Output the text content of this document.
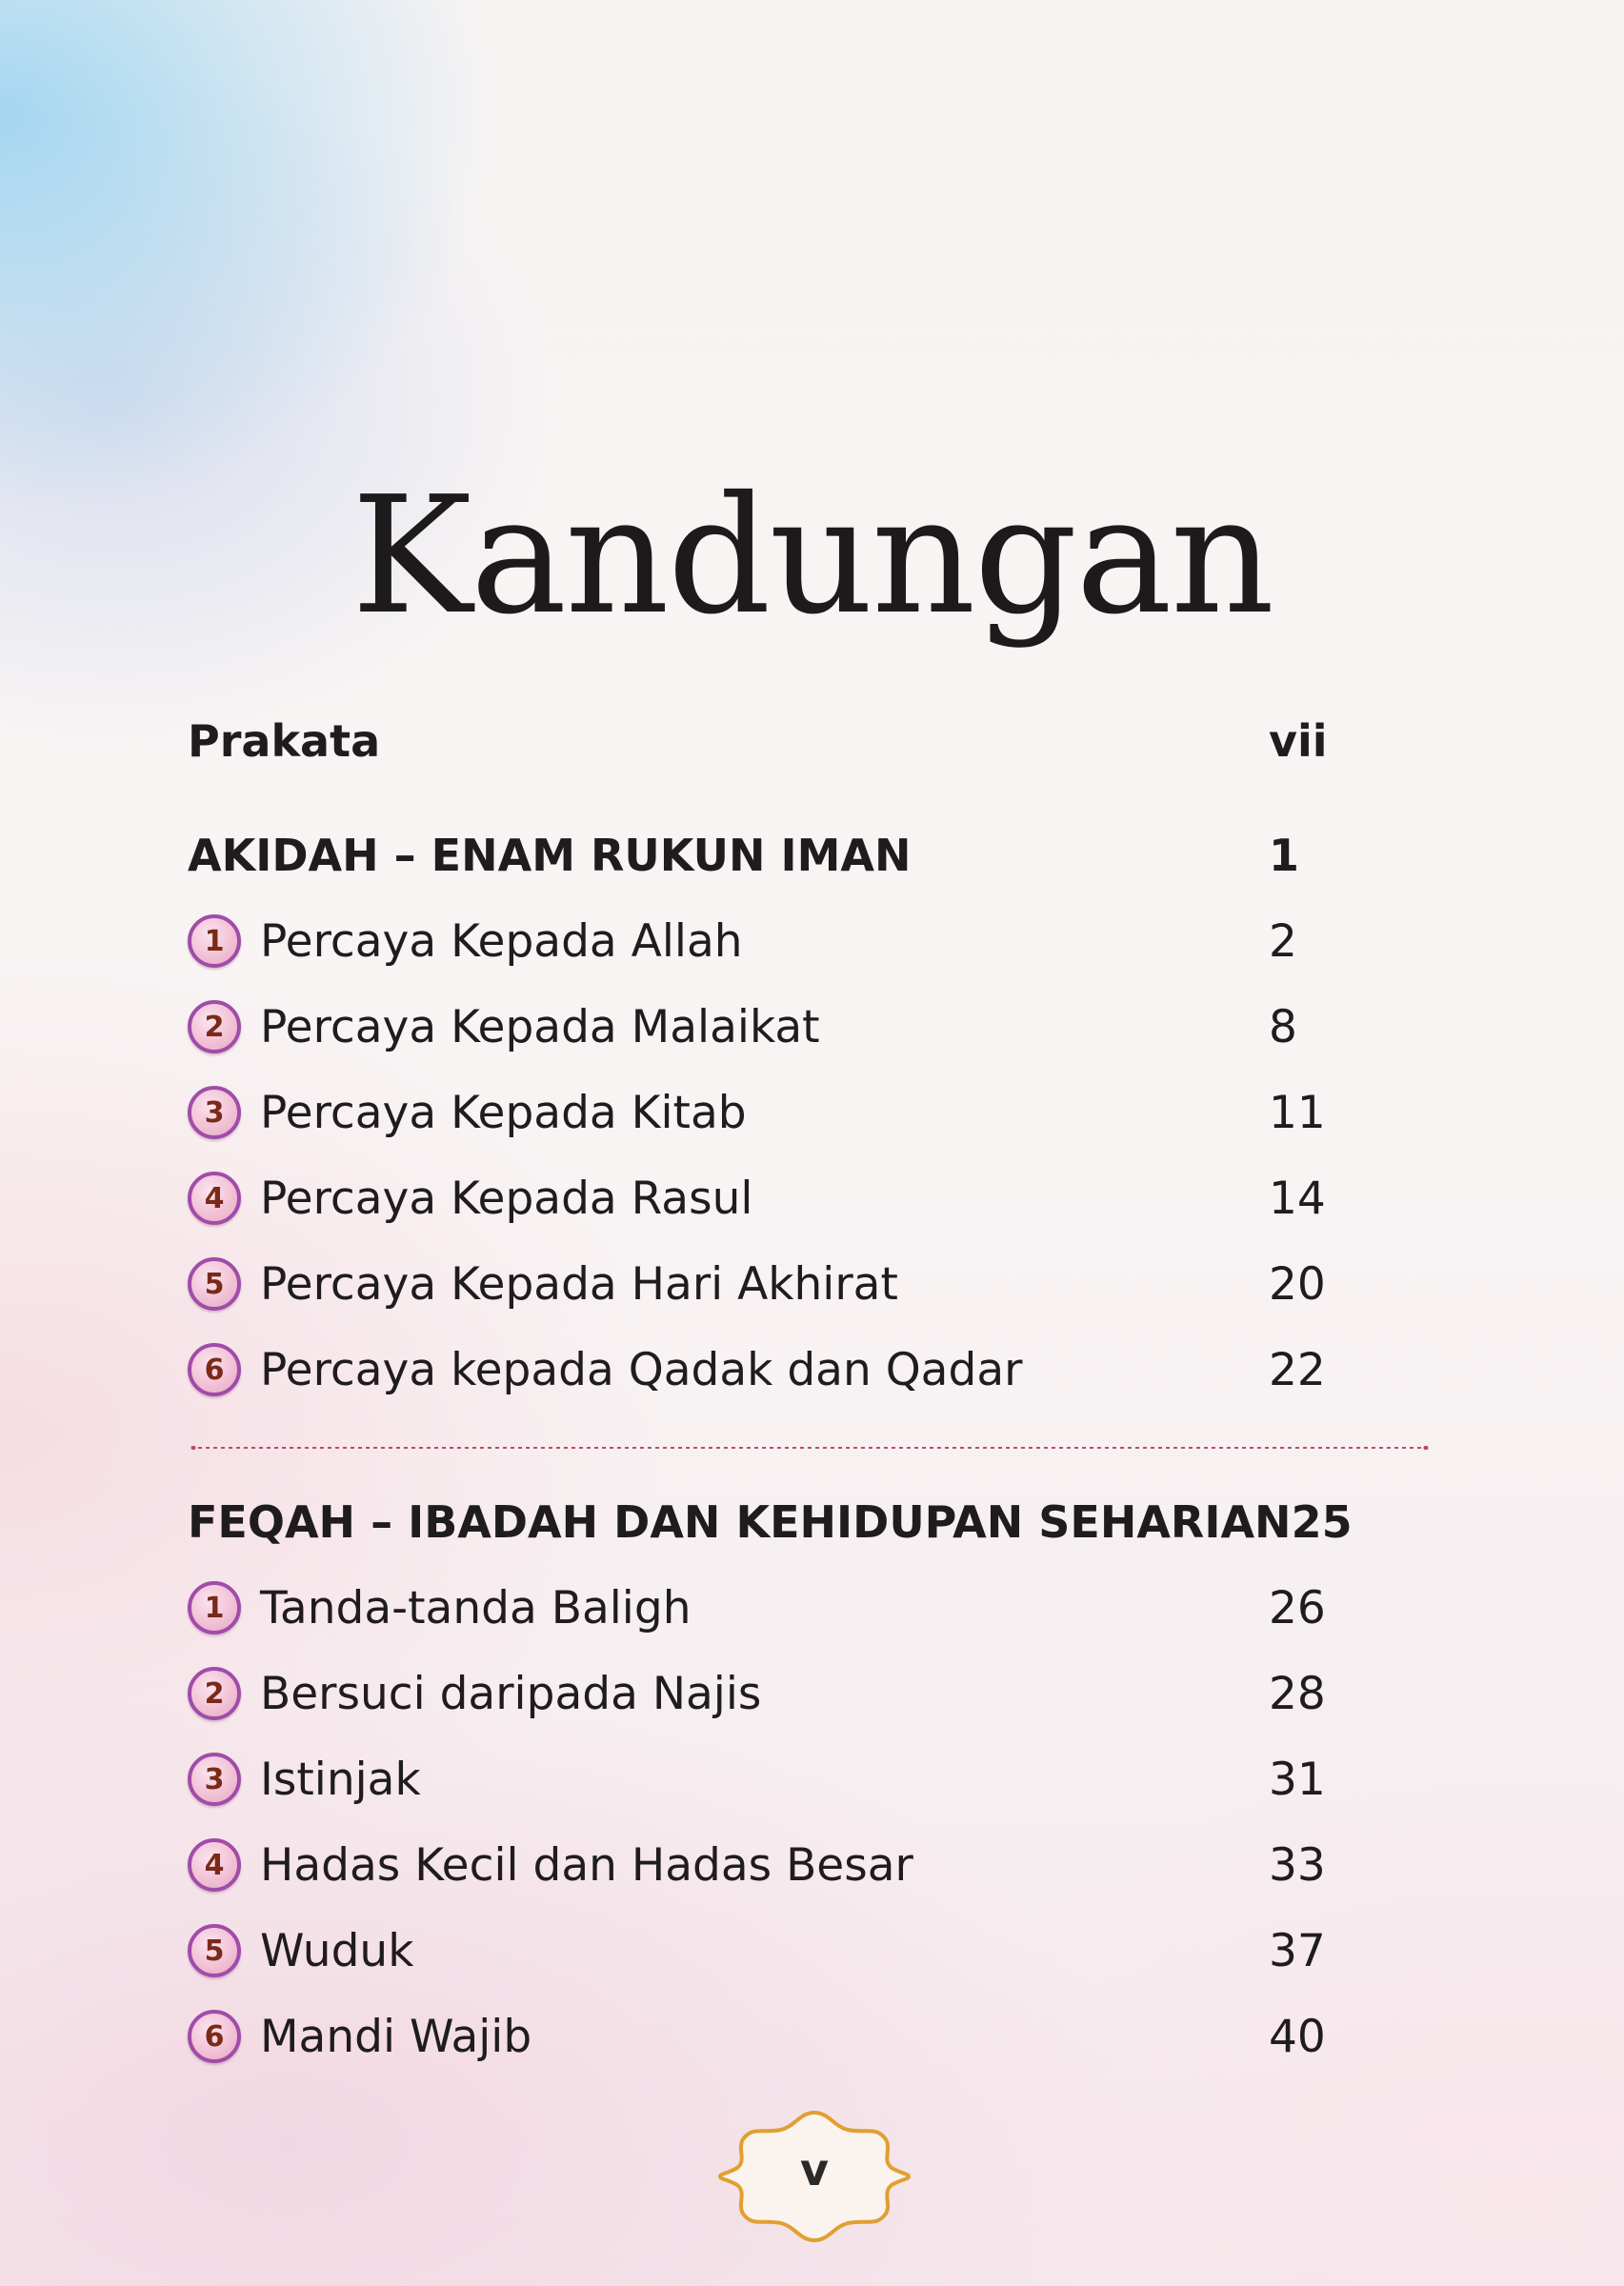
Kandungan
Prakata	vii
AKIDAH – ENAM RUKUN IMAN	1
1 Percaya Kepada Allah	2
2 Percaya Kepada Malaikat	8
3 Percaya Kepada Kitab	11
4 Percaya Kepada Rasul	14
5 Percaya Kepada Hari Akhirat	20
6 Percaya kepada Qadak dan Qadar	22
FEQAH – IBADAH DAN KEHIDUPAN SEHARIAN 25
1 Tanda-tanda Baligh	26
2 Bersuci daripada Najis	28
3 Istinjak	31
4 Hadas Kecil dan Hadas Besar	33
5 Wuduk	37
6 Mandi Wajib	40
v
